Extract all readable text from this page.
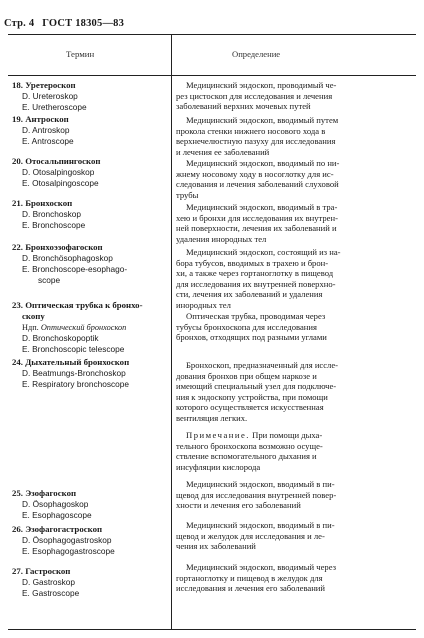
Стр. 4 ГОСТ 18305—83
Термин	Определение
18. Уретероскоп
D. Ureteroskop
E. Uretheroscope
Медицинский эндоскоп, проводимый че-
рез цистоскоп для исследования и лечения
заболеваний верхних мочевых путей
19. Антроскоп
D. Antroskop
E. Antroscope
Медицинский эндоскоп, вводимый путем
прокола стенки нижнего носового хода в
верхнечелюстную пазуху для исследования
и лечения ее заболеваний
20. Отосальпингоскоп
D. Otosalpingoskop
E. Otosalpingoscope
Медицинский эндоскоп, вводимый по ни-
жнему носовому ходу в носоглотку для ис-
следования и лечения заболеваний слуховой
трубы
21. Бронхоскоп
D. Bronchoskop
E. Bronchoscope
Медицинский эндоскоп, вводимый в тра-
хею и бронхи для исследования их внутрен-
ней поверхности, лечения их заболеваний и
удаления инородных тел
22. Бронхоэзофагоскоп
D. Bronchösophagoskop
E. Bronchoscope-esophago-
scope
Медицинский эндоскоп, состоящий из на-
бора тубусов, вводимых в трахею и брон-
хи, а также через гортаноглотку в пищевод
для исследования их внутренней поверхно-
сти, лечения их заболеваний и удаления
инородных тел
23. Оптическая трубка к бронхо-
скопу
Ндп. Оптический бронхоскоп
D. Bronchoskopoptik
E. Bronchoscopic telescope
Оптическая трубка, проводимая через
тубусы бронхоскопа для исследования
бронхов, отходящих под разными углами
24. Дыхательный бронхоскоп
D. Beatmungs-Bronchoskop
E. Respiratory bronchoscope
Бронхоскоп, предназначенный для иссле-
дования бронхов при общем наркозе и
имеющий специальный узел для подключе-
ния к эндоскопу устройства, при помощи
которого осуществляется искусственная
вентиляция легких.
Примечание. При помощи дыха-
тельного бронхоскопа возможно осуще-
ствление вспомогательного дыхания и
инсуфляции кислорода
25. Эзофагоскоп
D. Ösophagoskop
E. Esophagoscope
Медицинский эндоскоп, вводимый в пи-
щевод для исследования внутренней повер-
хности и лечения его заболеваний
26. Эзофагогастроскоп
D. Ösophagogastroskop
E. Esophagogastroscope
Медицинский эндоскоп, вводимый в пи-
щевод и желудок для исследования и ле-
чения их заболеваний
27. Гастроскоп
D. Gastroskop
E. Gastroscope
Медицинский эндоскоп, вводимый через
гортаноглотку и пищевод в желудок для
исследования и лечения его заболеваний
